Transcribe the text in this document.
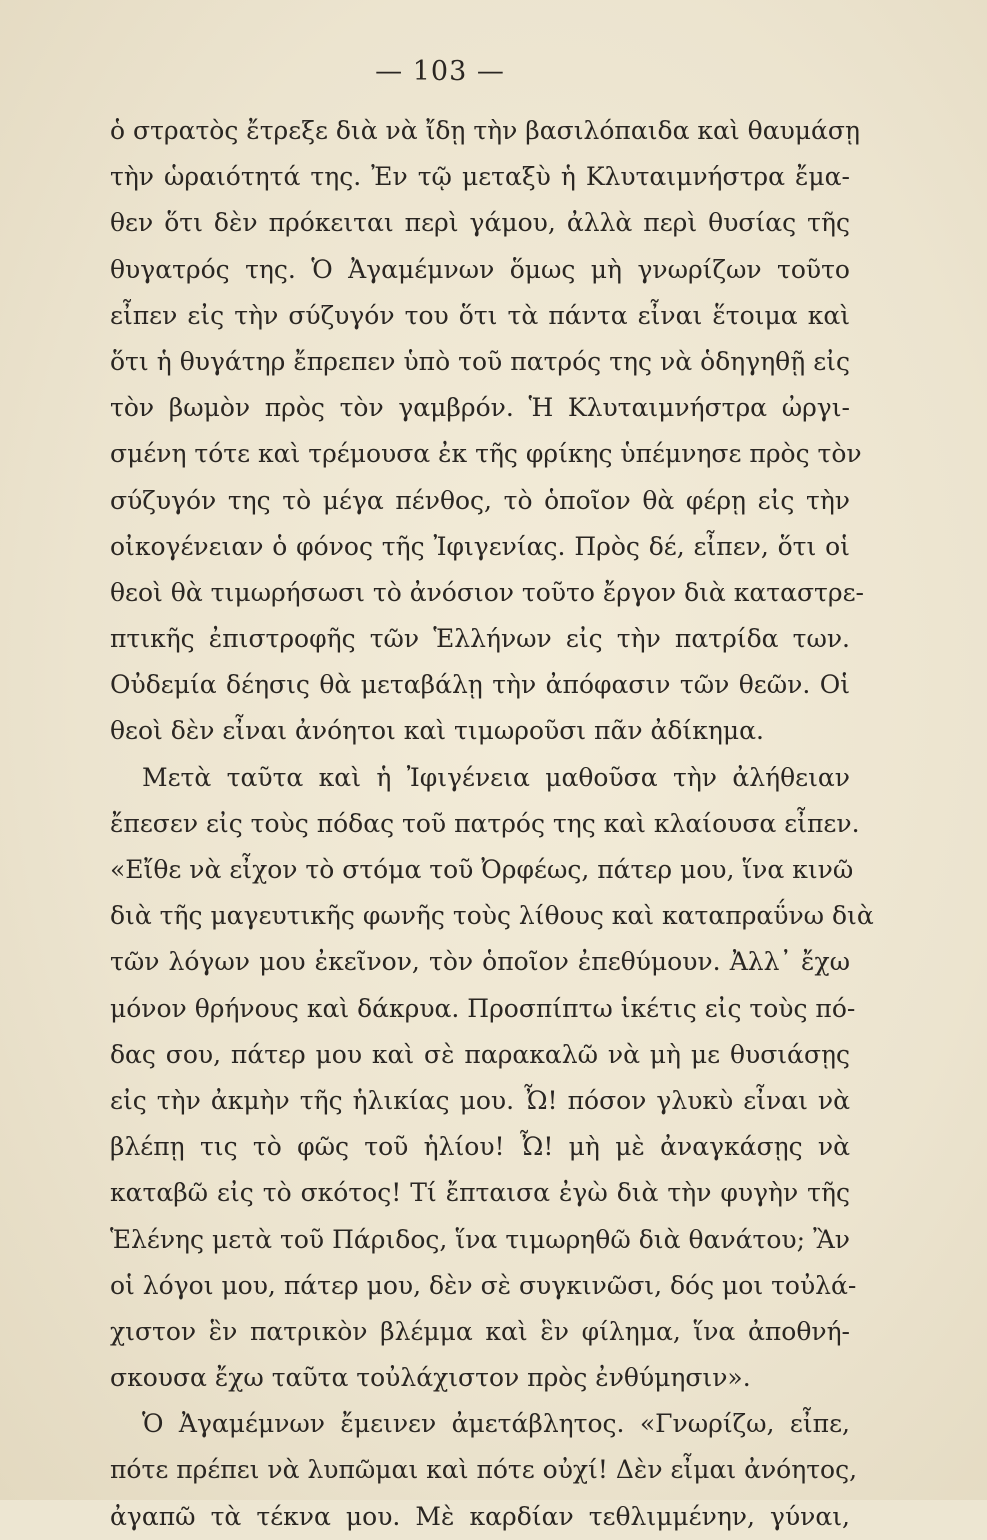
— 103 —
ὁ στρατὸς ἔτρεξε διὰ νὰ ἴδῃ τὴν βασιλόπαιδα καὶ θαυμάσῃ
τὴν ὡραιότητά της. Ἐν τῷ μεταξὺ ἡ Κλυταιμνήστρα ἔμα-
θεν ὅτι δὲν πρόκειται περὶ γάμου, ἀλλὰ περὶ θυσίας τῆς
θυγατρός της. Ὁ Ἀγαμέμνων ὅμως μὴ γνωρίζων τοῦτο
εἶπεν εἰς τὴν σύζυγόν του ὅτι τὰ πάντα εἶναι ἕτοιμα καὶ
ὅτι ἡ θυγάτηρ ἔπρεπεν ὑπὸ τοῦ πατρός της νὰ ὁδηγηθῇ εἰς
τὸν βωμὸν πρὸς τὸν γαμβρόν. Ἡ Κλυταιμνήστρα ὠργι-
σμένη τότε καὶ τρέμουσα ἐκ τῆς φρίκης ὑπέμνησε πρὸς τὸν
σύζυγόν της τὸ μέγα πένθος, τὸ ὁποῖον θὰ φέρῃ εἰς τὴν
οἰκογένειαν ὁ φόνος τῆς Ἰφιγενίας. Πρὸς δέ, εἶπεν, ὅτι οἱ
θεοὶ θὰ τιμωρήσωσι τὸ ἀνόσιον τοῦτο ἔργον διὰ καταστρε-
πτικῆς ἐπιστροφῆς τῶν Ἑλλήνων εἰς τὴν πατρίδα των.
Οὐδεμία δέησις θὰ μεταβάλῃ τὴν ἀπόφασιν τῶν θεῶν. Οἱ
θεοὶ δὲν εἶναι ἀνόητοι καὶ τιμωροῦσι πᾶν ἀδίκημα.
Μετὰ ταῦτα καὶ ἡ Ἰφιγένεια μαθοῦσα τὴν ἀλήθειαν
ἔπεσεν εἰς τοὺς πόδας τοῦ πατρός της καὶ κλαίουσα εἶπεν.
«Εἴθε νὰ εἶχον τὸ στόμα τοῦ Ὀρφέως, πάτερ μου, ἵνα κινῶ
διὰ τῆς μαγευτικῆς φωνῆς τοὺς λίθους καὶ καταπραΰνω διὰ
τῶν λόγων μου ἐκεῖνον, τὸν ὁποῖον ἐπεθύμουν. Ἀλλ᾽ ἔχω
μόνον θρήνους καὶ δάκρυα. Προσπίπτω ἱκέτις εἰς τοὺς πό-
δας σου, πάτερ μου καὶ σὲ παρακαλῶ νὰ μὴ με θυσιάσῃς
εἰς τὴν ἀκμὴν τῆς ἡλικίας μου. Ὦ! πόσον γλυκὺ εἶναι νὰ
βλέπῃ τις τὸ φῶς τοῦ ἡλίου! Ὦ! μὴ μὲ ἀναγκάσῃς νὰ
καταβῶ εἰς τὸ σκότος! Τί ἔπταισα ἐγὼ διὰ τὴν φυγὴν τῆς
Ἑλένης μετὰ τοῦ Πάριδος, ἵνα τιμωρηθῶ διὰ θανάτου; Ἂν
οἱ λόγοι μου, πάτερ μου, δὲν σὲ συγκινῶσι, δός μοι τοὐλά-
χιστον ἓν πατρικὸν βλέμμα καὶ ἓν φίλημα, ἵνα ἀποθνή-
σκουσα ἔχω ταῦτα τοὐλάχιστον πρὸς ἐνθύμησιν».
Ὁ Ἀγαμέμνων ἔμεινεν ἀμετάβλητος. «Γνωρίζω, εἶπε,
πότε πρέπει νὰ λυπῶμαι καὶ πότε οὐχί! Δὲν εἶμαι ἀνόητος,
ἀγαπῶ τὰ τέκνα μου. Μὲ καρδίαν τεθλιμμένην, γύναι,
